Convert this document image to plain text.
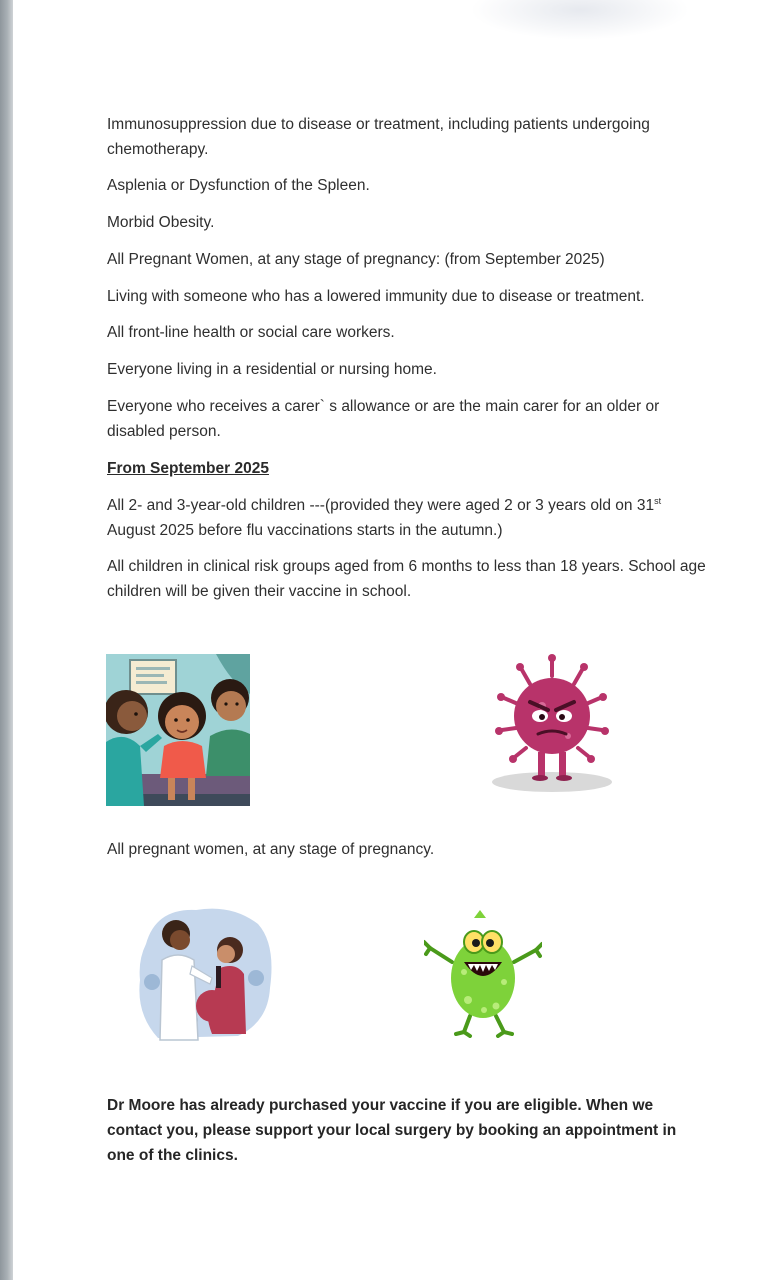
Immunosuppression due to disease or treatment, including patients undergoing chemotherapy.

Asplenia or Dysfunction of the Spleen.

Morbid Obesity.

All Pregnant Women, at any stage of pregnancy: (from September 2025)

Living with someone who has a lowered immunity due to disease or treatment.

All front-line health or social care workers.

Everyone living in a residential or nursing home.

Everyone who receives a carer` s allowance or are the main carer for an older or disabled person.

From September 2025

All 2- and 3-year-old children ---(provided they were aged 2 or 3 years old on 31st August 2025 before flu vaccinations starts in the autumn.)

All children in clinical risk groups aged from 6 months to less than 18 years. School age children will be given their vaccine in school.

All pregnant women, at any stage of pregnancy.

Dr Moore has already purchased your vaccine if you are eligible. When we contact you, please support your local surgery by booking an appointment in one of the clinics.
